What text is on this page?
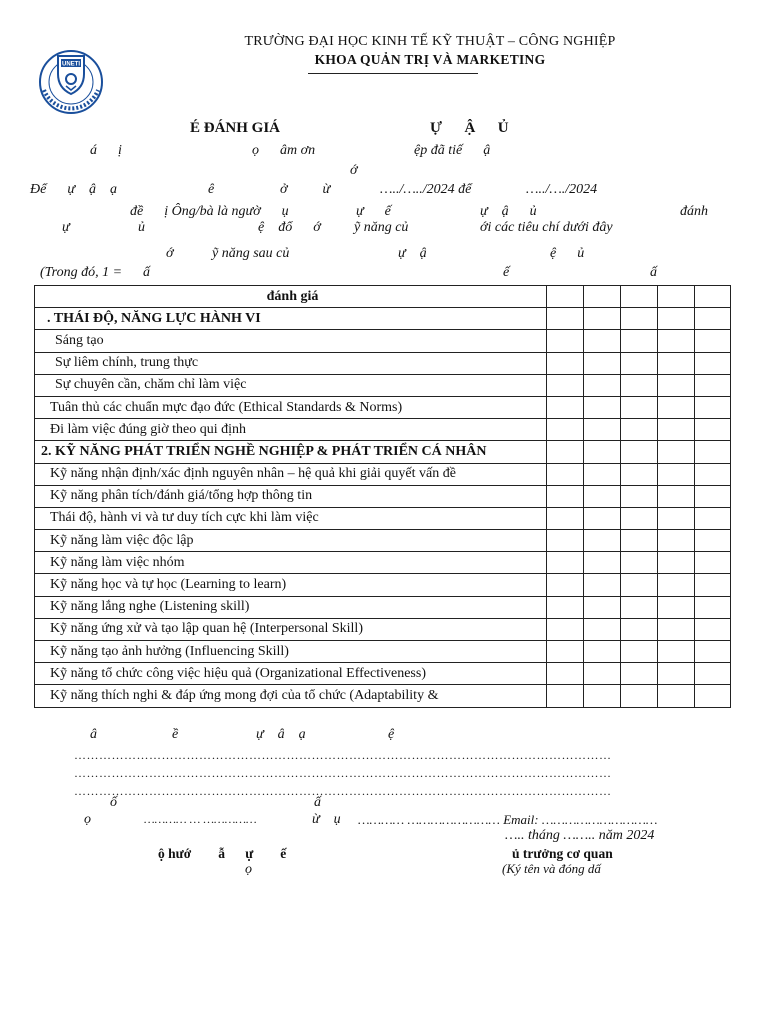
UNETI
TRƯỜNG ĐẠI HỌC KINH TẾ KỸ THUẬT – CÔNG NGHIỆP
KHOA QUẢN TRỊ VÀ MARKETING
É ĐÁNH GIÁ	Ự      Ậ      Ủ
á      ị	ọ      âm ơn	ệp đã tiế      ậ
ớ
Để      ự    ậ    ạ	ê	ở          ừ	…../…../2024 để	…../…./2024
đề      ị Ông/bà là ngườ      ụ	ự      ế	ự    ậ      ủ	đánh
ự	ủ	ệ    đổ      ớ ỹ năng củ	ới các tiêu chí dưới đây
ớ	ỹ năng sau củ	ự    ậ	ệ      ủ
(Trong đó, 1 =      ấ	ế	ấ
đánh giá					
. THÁI ĐỘ, NĂNG LỰC HÀNH VI					
Sáng tạo					
Sự liêm chính, trung thực					
Sự chuyên cần, chăm chỉ làm việc					
Tuân thủ các chuẩn mực đạo đức (Ethical Standards & Norms)					
Đi làm việc đúng giờ theo qui định					
2. KỸ NĂNG PHÁT TRIỂN NGHỀ NGHIỆP & PHÁT TRIỂN CÁ NHÂN					
Kỹ năng nhận định/xác định nguyên nhân – hệ quả khi giải quyết vấn đề					
Kỹ năng phân tích/đánh giá/tổng hợp thông tin					
Thái độ, hành vi và tư duy tích cực khi làm việc					
Kỹ năng làm việc độc lập					
Kỹ năng làm việc nhóm					
Kỹ năng học và tự học (Learning to learn)					
Kỹ năng lắng nghe (Listening skill)					
Kỹ năng ứng xử và tạo lập quan hệ (Interpersonal Skill)					
Kỹ năng tạo ảnh hưởng (Influencing Skill)					
Kỹ năng tổ chức công việc hiệu quả (Organizational Effectiveness)					
Kỹ năng thích nghi & đáp ứng mong đợi của tổ chức (Adaptability &					
â	ề	ự    â    ạ	ệ
…………………………………………………………………………………………………………………
…………………………………………………………………………………………………………………
…………………………………………………………………………………………………………………
ố	ấ
ọ	………… … ……………	ừ    ụ ………… …………………… Email: …………………………
….. tháng …….. năm 2024
ộ hướ        ẫ      ự        ế
ọ
ủ trưởng cơ quan
(Ký tên và đóng dấ
